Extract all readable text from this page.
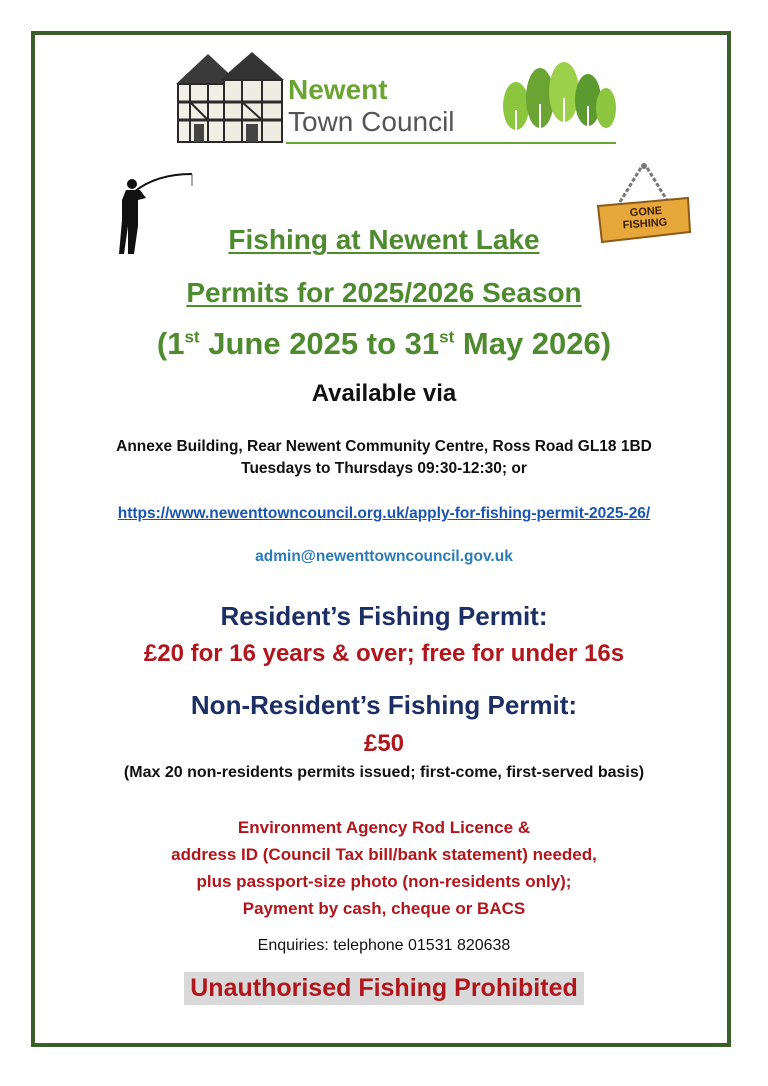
Newent
Town Council
GONE
FISHING
Fishing at Newent Lake
Permits for 2025/2026 Season
(1st June 2025 to 31st May 2026)
Available via
Annexe Building, Rear Newent Community Centre, Ross Road GL18 1BD
Tuesdays to Thursdays 09:30-12:30; or
https://www.newenttowncouncil.org.uk/apply-for-fishing-permit-2025-26/
admin@newenttowncouncil.gov.uk
Resident’s Fishing Permit:
£20 for 16 years & over; free for under 16s
Non-Resident’s Fishing Permit:
£50
(Max 20 non-residents permits issued; first-come, first-served basis)
Environment Agency Rod Licence &
address ID (Council Tax bill/bank statement) needed,
plus passport-size photo (non-residents only);
Payment by cash, cheque or BACS
Enquiries: telephone 01531 820638
Unauthorised Fishing Prohibited
